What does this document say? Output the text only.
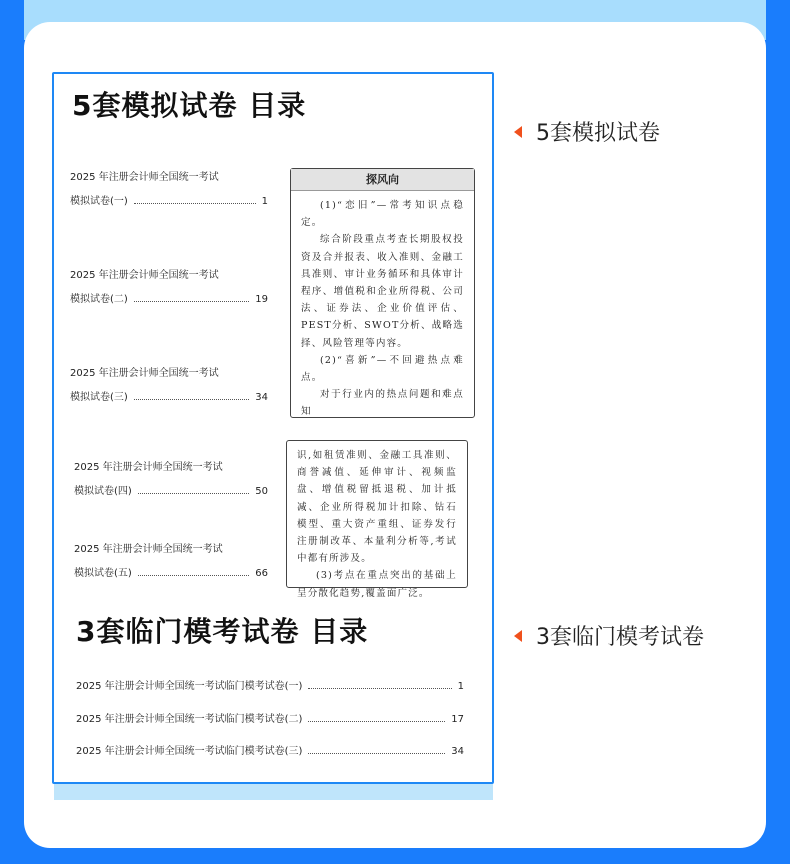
5套模拟试卷 目录
2025 年注册会计师全国统一考试
模拟试卷(一)	1
2025 年注册会计师全国统一考试
模拟试卷(二)	19
2025 年注册会计师全国统一考试
模拟试卷(三)	34
2025 年注册会计师全国统一考试
模拟试卷(四)	50
2025 年注册会计师全国统一考试
模拟试卷(五)	66
探风向

(1)“恋旧”—常考知识点稳定。

综合阶段重点考查长期股权投资及合并报表、收入准则、金融工具准则、审计业务循环和具体审计程序、增值税和企业所得税、公司法、证券法、企业价值评估、PEST分析、SWOT分析、战略选择、风险管理等内容。

(2)“喜新”—不回避热点难点。

对于行业内的热点问题和难点知

识,如租赁准则、金融工具准则、商誉减值、延伸审计、视频监盘、增值税留抵退税、加计抵减、企业所得税加计扣除、钻石模型、重大资产重组、证券发行注册制改革、本量利分析等,考试中都有所涉及。

(3)考点在重点突出的基础上呈分散化趋势,覆盖面广泛。

3套临门模考试卷 目录
2025 年注册会计师全国统一考试临门模考试卷(一)	1
2025 年注册会计师全国统一考试临门模考试卷(二)	17
2025 年注册会计师全国统一考试临门模考试卷(三)	34
5套模拟试卷
3套临门模考试卷
